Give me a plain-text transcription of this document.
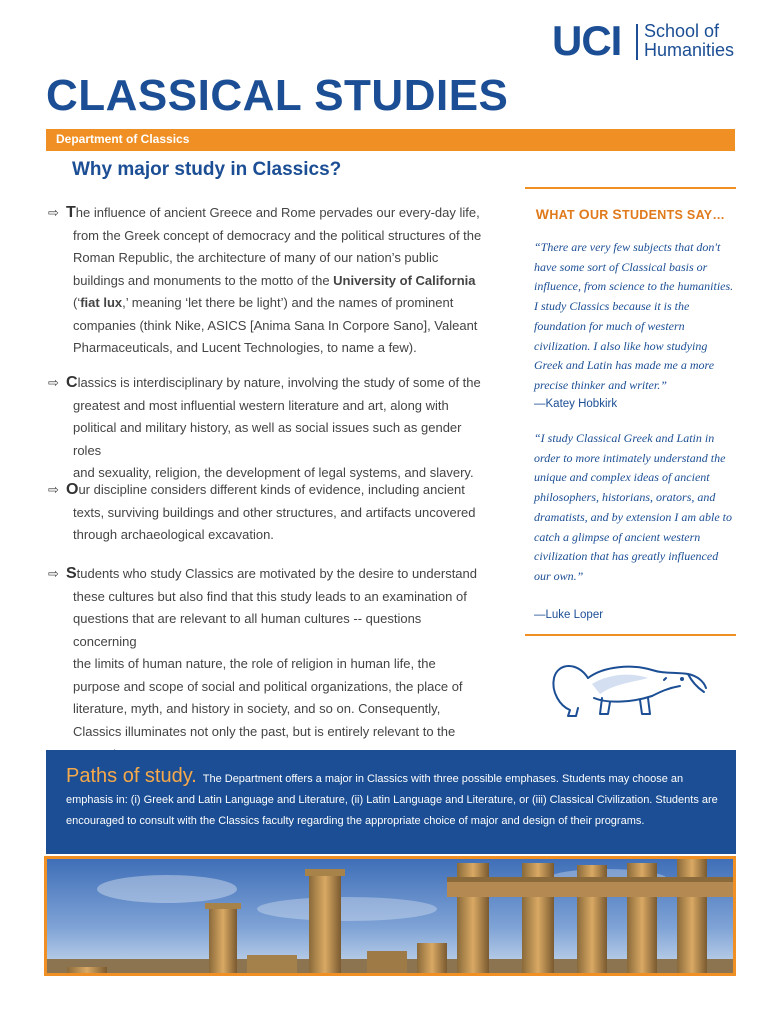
UCI School of
Humanities
CLASSICAL STUDIES
Department of Classics
Why major study in Classics?
⇨ The influence of ancient Greece and Rome pervades our every-day life,
from the Greek concept of democracy and the political structures of the
Roman Republic, the architecture of many of our nation’s public
buildings and monuments to the motto of the University of California
(‘fiat lux,’ meaning ‘let there be light’) and the names of prominent
companies (think Nike, ASICS [Anima Sana In Corpore Sano], Valeant
Pharmaceuticals, and Lucent Technologies, to name a few).
⇨ Classics is interdisciplinary by nature, involving the study of some of the
greatest and most influential western literature and art, along with
political and military history, as well as social issues such as gender roles
and sexuality, religion, the development of legal systems, and slavery.
⇨ Our discipline considers different kinds of evidence, including ancient
texts, surviving buildings and other structures, and artifacts uncovered
through archaeological excavation.
⇨ Students who study Classics are motivated by the desire to understand
these cultures but also find that this study leads to an examination of
questions that are relevant to all human cultures -- questions concerning
the limits of human nature, the role of religion in human life, the
purpose and scope of social and political organizations, the place of
literature, myth, and history in society, and so on. Consequently,
Classics illuminates not only the past, but is entirely relevant to the
WHAT OUR STUDENTS SAY…
“There are very few subjects that don't have some sort of Classical basis or influence, from science to the humanities. I study Classics because it is the foundation for much of western civilization. I also like how studying Greek and Latin has made me a more precise thinker and writer.”
—Katey Hobkirk
“I study Classical Greek and Latin in order to more intimately understand the unique and complex ideas of ancient philosophers, historians, orators, and dramatists, and by extension I am able to catch a glimpse of ancient western civilization that has greatly influenced our own.”
—Luke Loper
Paths of study. The Department offers a major in Classics with three possible emphases. Students may choose an emphasis in: (i) Greek and Latin Language and Literature, (ii) Latin Language and Literature, or (iii) Classical Civilization. Students are encouraged to consult with the Classics faculty regarding the appropriate choice of major and design of their programs.
